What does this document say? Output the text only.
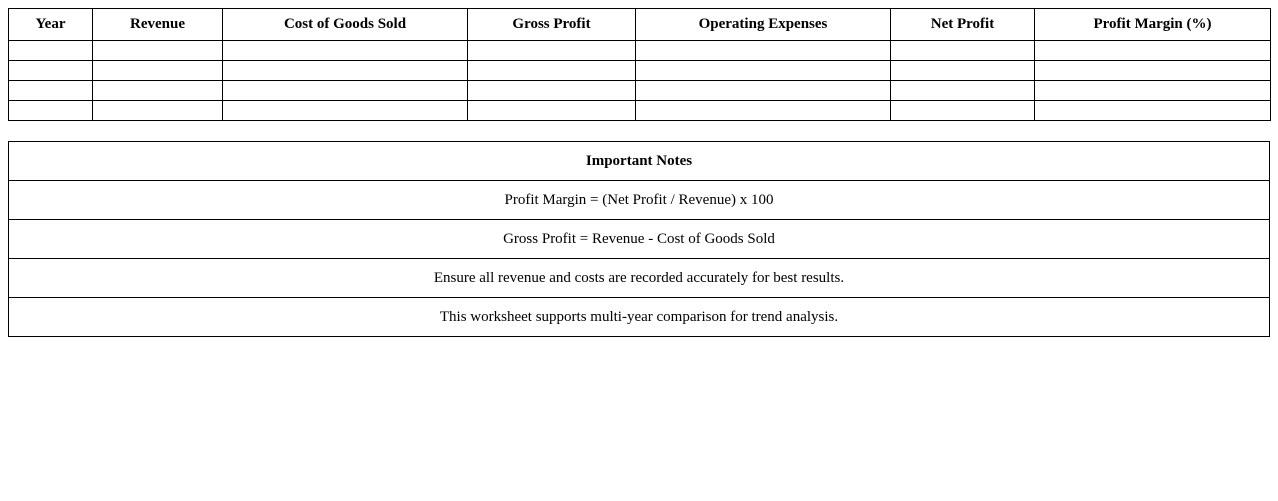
Year	Revenue	Cost of Goods Sold	Gross Profit	Operating Expenses	Net Profit	Profit Margin (%)

Important Notes
Profit Margin = (Net Profit / Revenue) x 100
Gross Profit = Revenue - Cost of Goods Sold
Ensure all revenue and costs are recorded accurately for best results.
This worksheet supports multi-year comparison for trend analysis.
